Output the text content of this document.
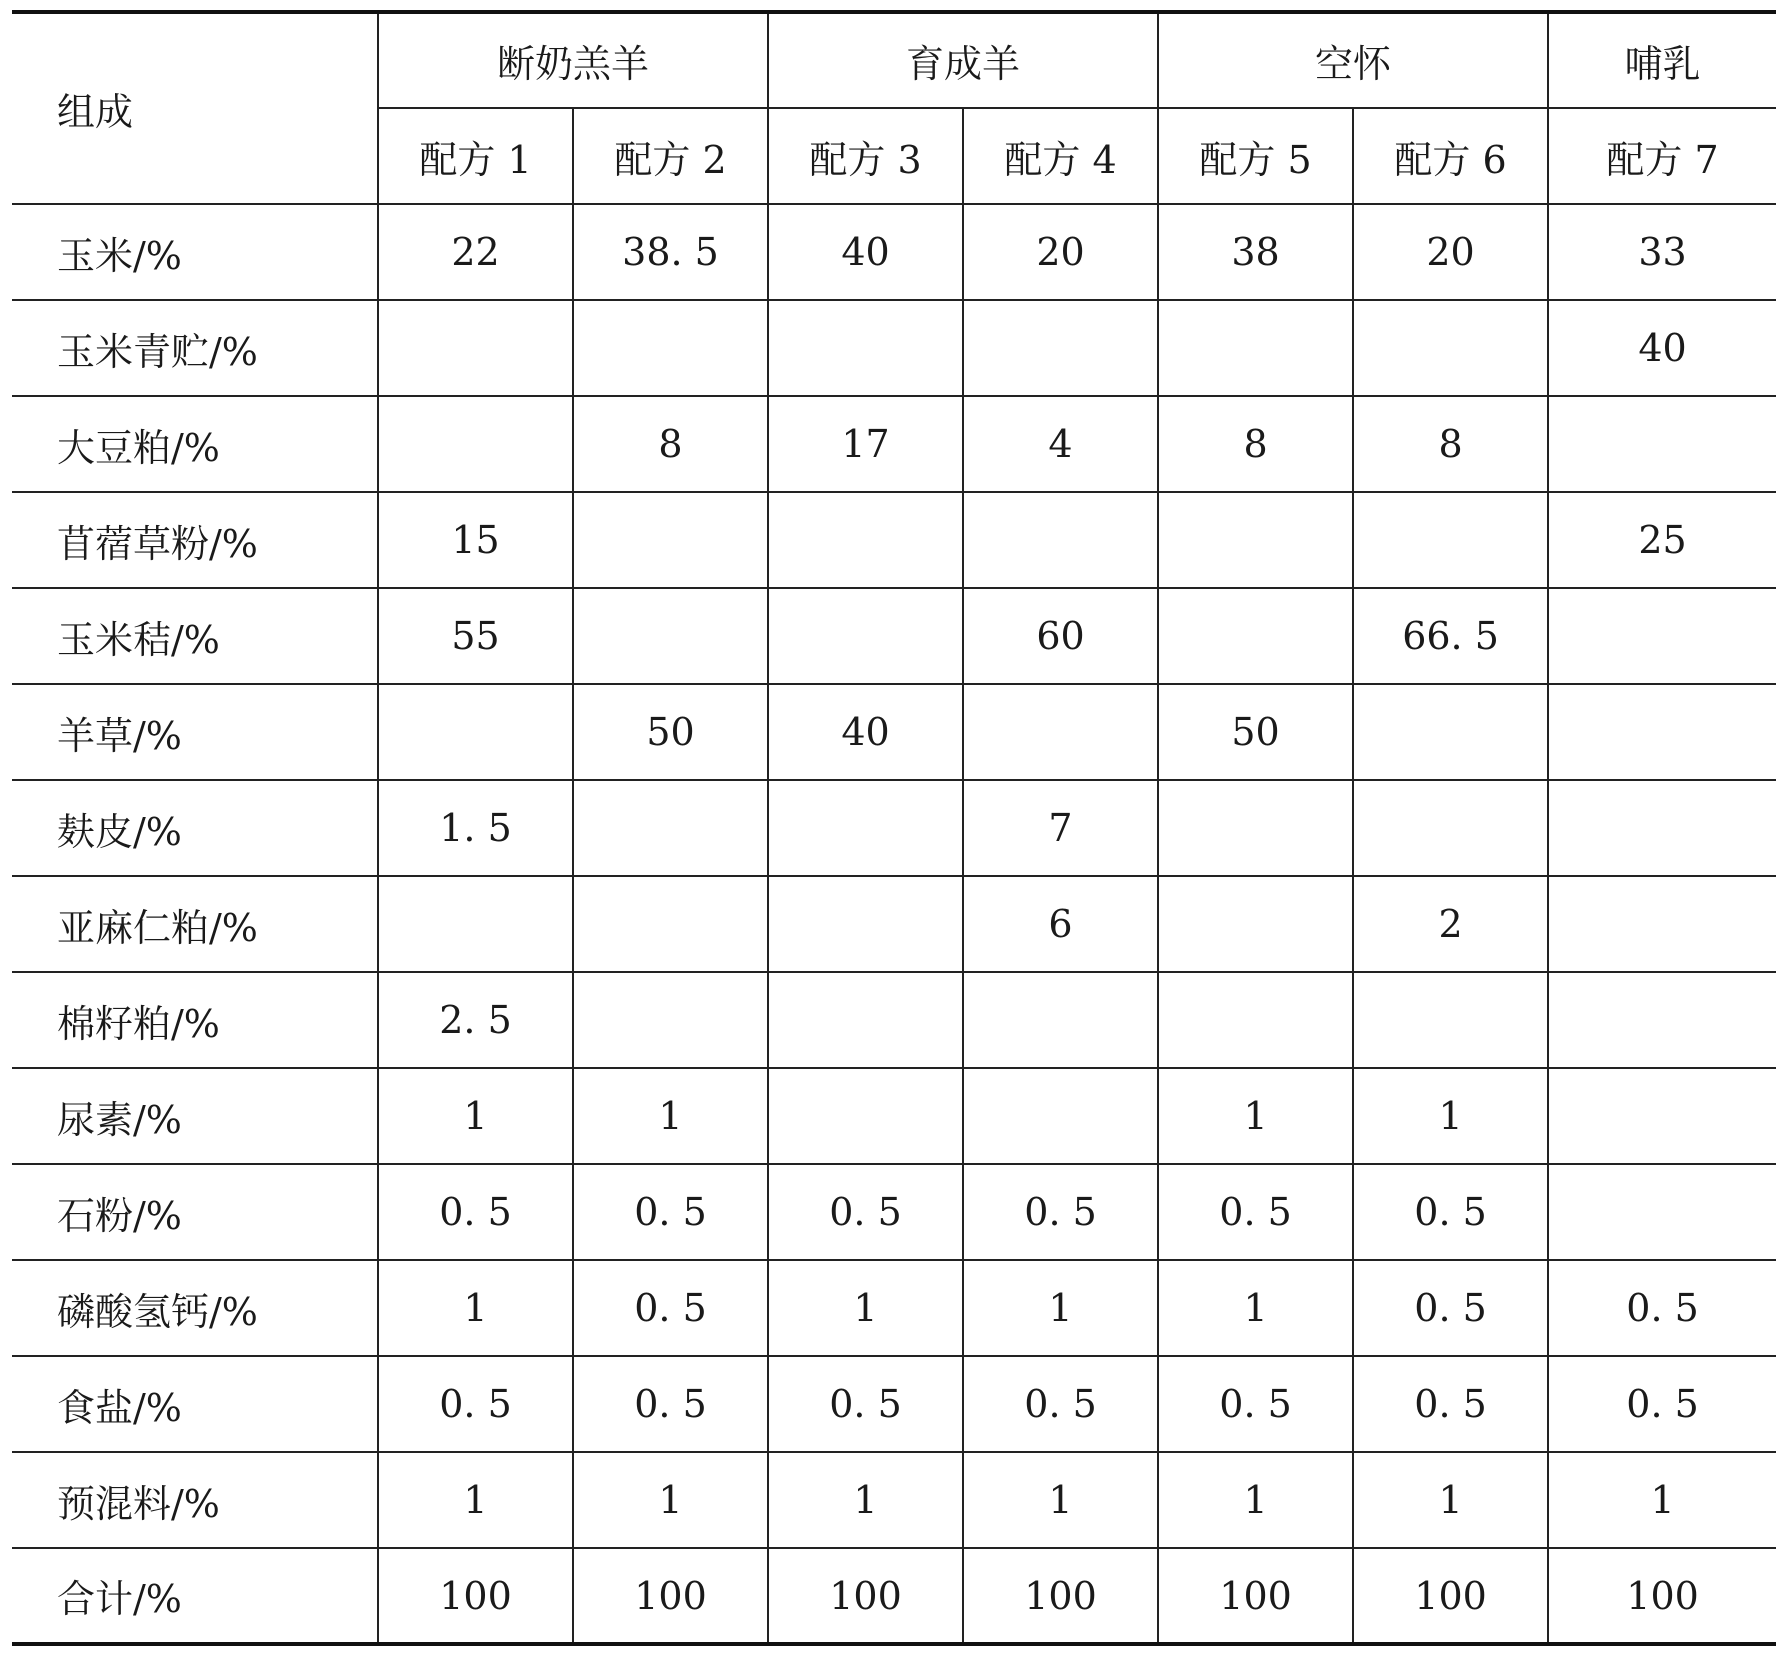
组成	断奶羔羊		育成羊		空怀		哺乳
	配方 1	配方 2	配方 3	配方 4	配方 5	配方 6	配方 7
玉米/%	22	38. 5	40	20	38	20	33
玉米青贮/%							40
大豆粕/%		8	17	4	8	8	
苜蓿草粉/%	15						25
玉米秸/%	55			60		66. 5	
羊草/%		50	40		50		
麸皮/%	1. 5			7			
亚麻仁粕/%				6		2	
棉籽粕/%	2. 5						
尿素/%	1	1			1	1	
石粉/%	0. 5	0. 5	0. 5	0. 5	0. 5	0. 5	
磷酸氢钙/%	1	0. 5	1	1	1	0. 5	0. 5
食盐/%	0. 5	0. 5	0. 5	0. 5	0. 5	0. 5	0. 5
预混料/%	1	1	1	1	1	1	1
合计/%	100	100	100	100	100	100	100
